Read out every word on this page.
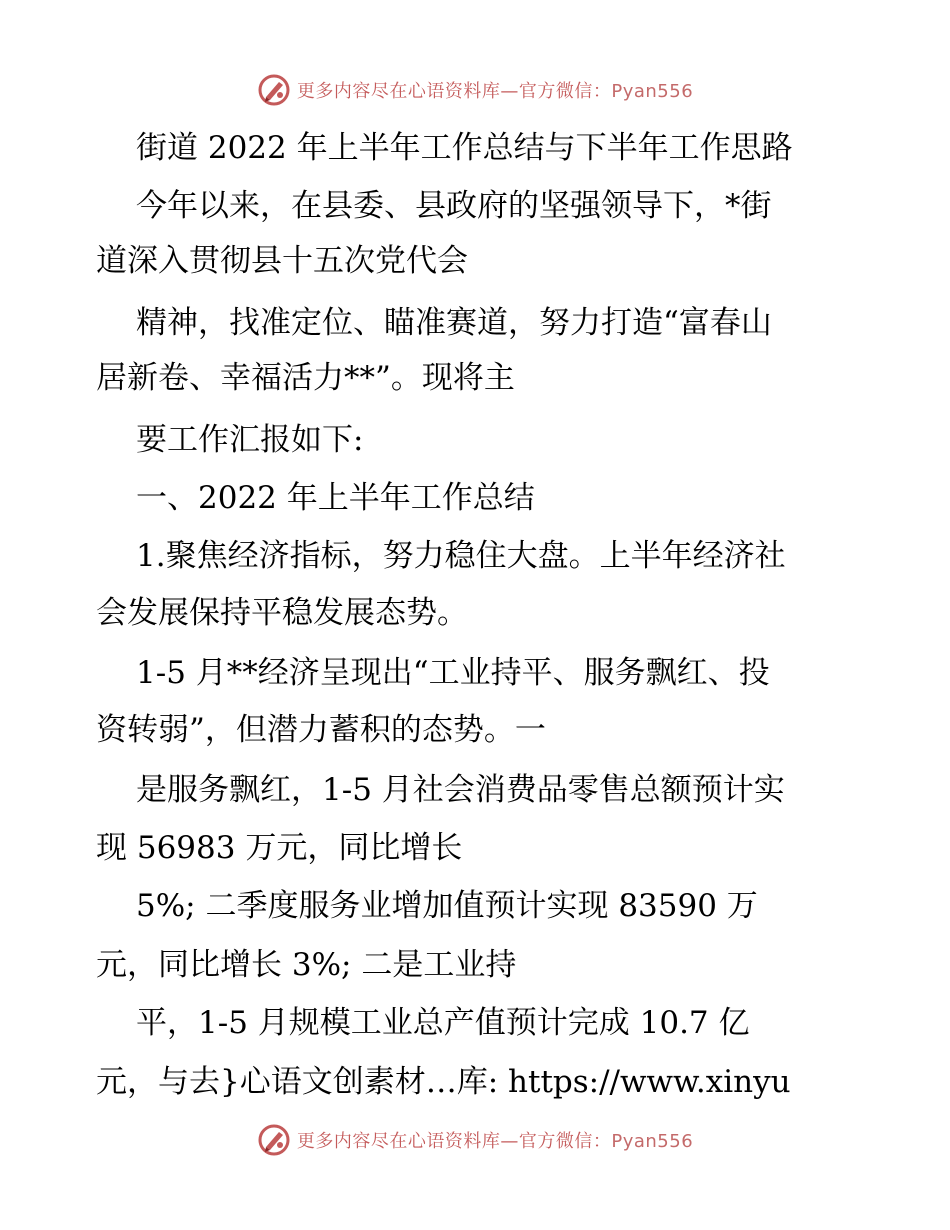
更多内容尽在心语资料库—官方微信：Pyan556
街道 2022 年上半年工作总结与下半年工作思路
今年以来，在县委、县政府的坚强领导下，*街
道深入贯彻县十五次党代会
精神，找准定位、瞄准赛道，努力打造“富春山
居新卷、幸福活力**”。现将主
要工作汇报如下:
一、2022 年上半年工作总结
1.聚焦经济指标，努力稳住大盘。上半年经济社
会发展保持平稳发展态势。
1-5 月**经济呈现出“工业持平、服务飘红、投
资转弱”，但潜力蓄积的态势。一
是服务飘红，1-5 月社会消费品零售总额预计实
现 56983 万元，同比增长
5%; 二季度服务业增加值预计实现 83590 万
元，同比增长 3%; 二是工业持
平，1-5 月规模工业总产值预计完成 10.7 亿
元，与去}心语文创素材…库: https://www.xinyu
更多内容尽在心语资料库—官方微信：Pyan556
